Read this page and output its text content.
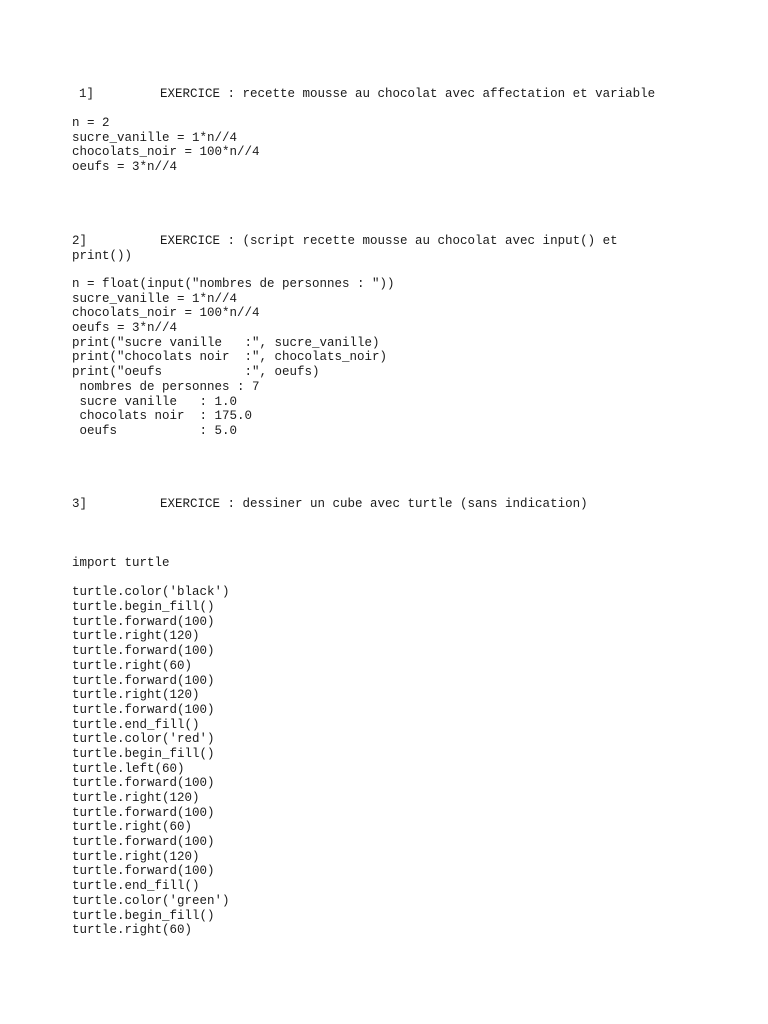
1]	EXERCICE : recette mousse au chocolat avec affectation et variable
n = 2
sucre_vanille = 1*n//4
chocolats_noir = 100*n//4
oeufs = 3*n//4
2]	EXERCICE : (script recette mousse au chocolat avec input() et
print())
n = float(input("nombres de personnes : "))
sucre_vanille = 1*n//4
chocolats_noir = 100*n//4
oeufs = 3*n//4
print("sucre vanille   :", sucre_vanille)
print("chocolats noir  :", chocolats_noir)
print("oeufs           :", oeufs)
nombres de personnes : 7
sucre vanille   : 1.0
chocolats noir  : 175.0
oeufs           : 5.0
3]	EXERCICE : dessiner un cube avec turtle (sans indication)
import turtle
turtle.color('black')
turtle.begin_fill()
turtle.forward(100)
turtle.right(120)
turtle.forward(100)
turtle.right(60)
turtle.forward(100)
turtle.right(120)
turtle.forward(100)
turtle.end_fill()
turtle.color('red')
turtle.begin_fill()
turtle.left(60)
turtle.forward(100)
turtle.right(120)
turtle.forward(100)
turtle.right(60)
turtle.forward(100)
turtle.right(120)
turtle.forward(100)
turtle.end_fill()
turtle.color('green')
turtle.begin_fill()
turtle.right(60)
